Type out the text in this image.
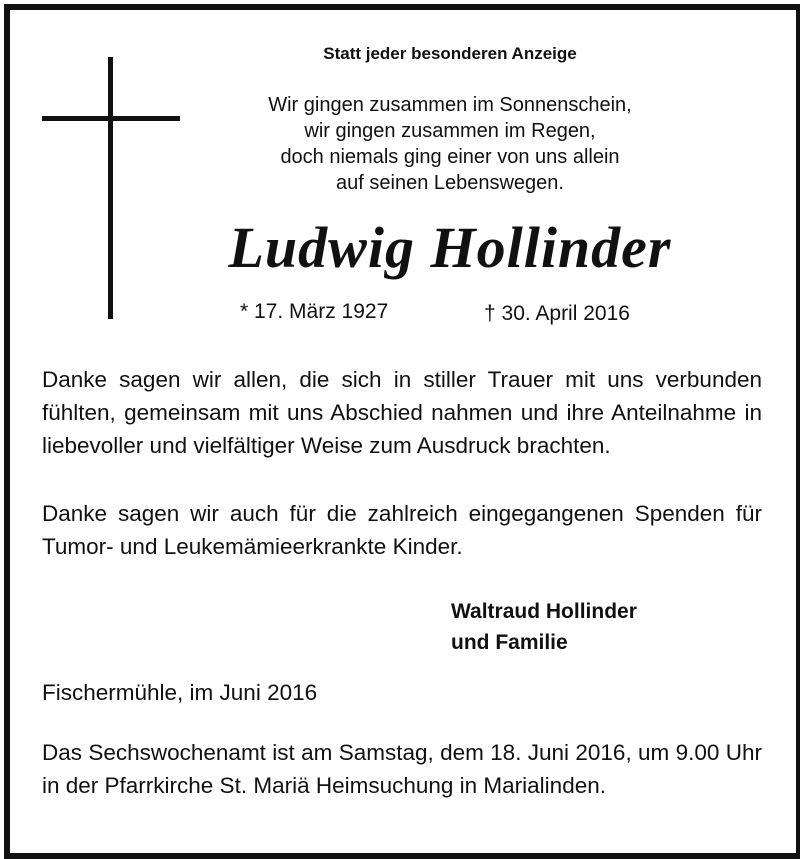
Statt jeder besonderen Anzeige
Wir gingen zusammen im Sonnenschein,
wir gingen zusammen im Regen,
doch niemals ging einer von uns allein
auf seinen Lebenswegen.
Ludwig Hollinder
* 17. März 1927	† 30. April 2016
Danke sagen wir allen, die sich in stiller Trauer mit uns verbunden fühlten, gemeinsam mit uns Abschied nahmen und ihre Anteilnahme in liebevoller und vielfältiger Weise zum Ausdruck brachten.
Danke sagen wir auch für die zahlreich eingegangenen Spenden für Tumor- und Leukemämieerkrankte Kinder.
Waltraud Hollinder
und Familie
Fischermühle, im Juni 2016
Das Sechswochenamt ist am Samstag, dem 18. Juni 2016, um 9.00 Uhr in der Pfarrkirche St. Mariä Heimsuchung in Marialinden.
